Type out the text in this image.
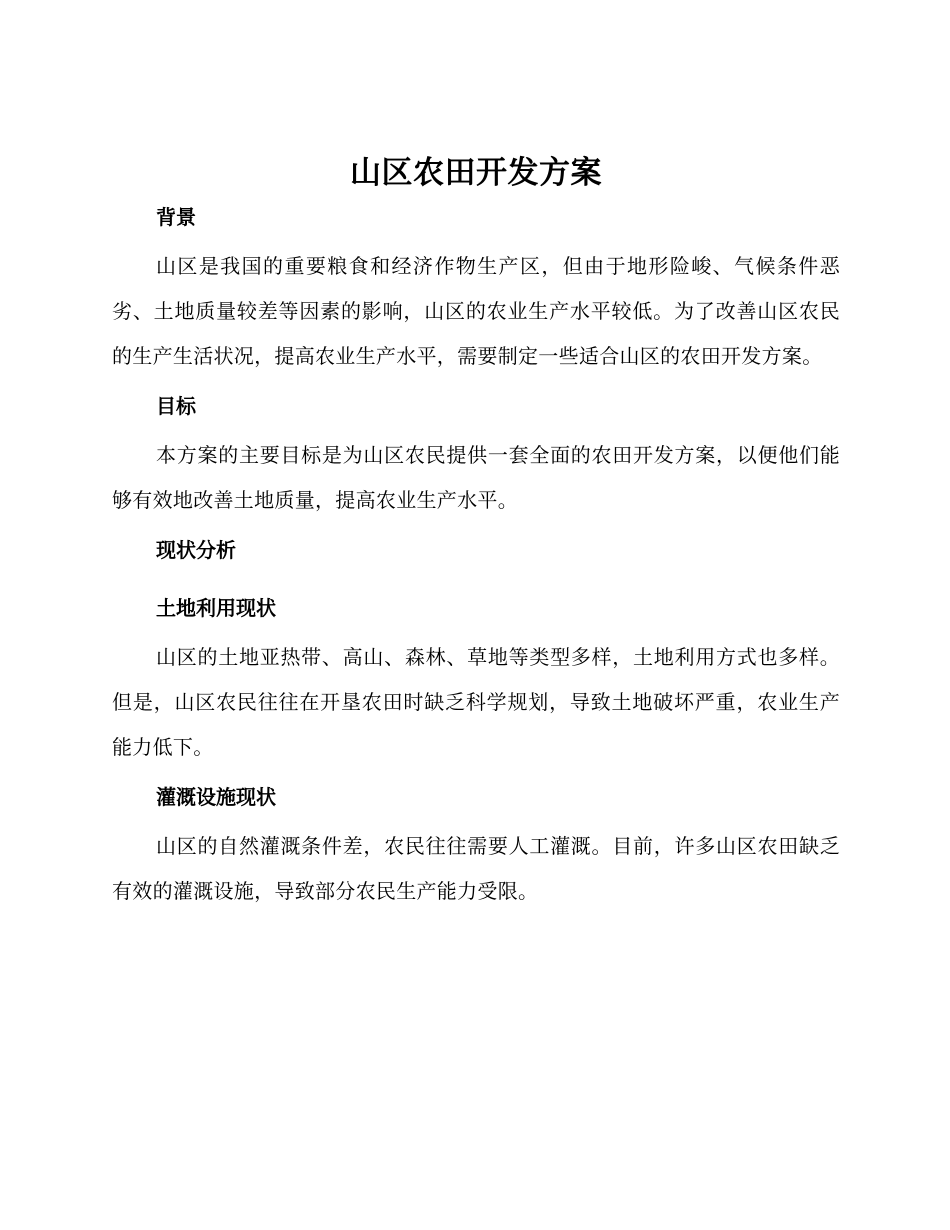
山区农田开发方案
背景

山区是我国的重要粮食和经济作物生产区，但由于地形险峻、气候条件恶劣、土地质量较差等因素的影响，山区的农业生产水平较低。为了改善山区农民的生产生活状况，提高农业生产水平，需要制定一些适合山区的农田开发方案。

目标

本方案的主要目标是为山区农民提供一套全面的农田开发方案，以便他们能够有效地改善土地质量，提高农业生产水平。

现状分析
土地利用现状

山区的土地亚热带、高山、森林、草地等类型多样，土地利用方式也多样。但是，山区农民往往在开垦农田时缺乏科学规划，导致土地破坏严重，农业生产能力低下。

灌溉设施现状

山区的自然灌溉条件差，农民往往需要人工灌溉。目前，许多山区农田缺乏有效的灌溉设施，导致部分农民生产能力受限。
